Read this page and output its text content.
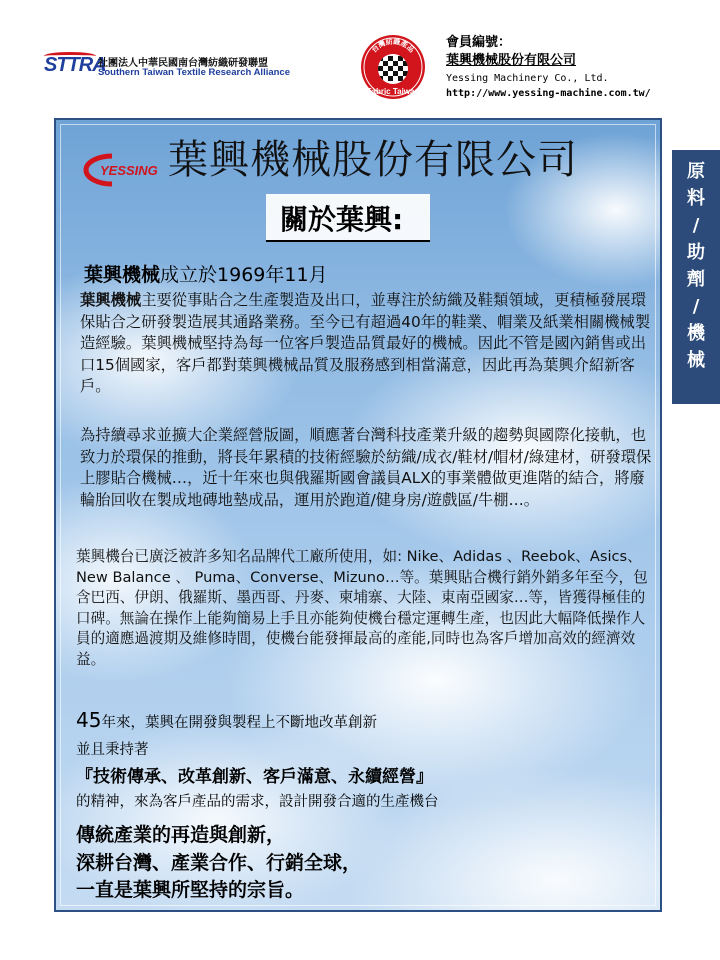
STTRA
社團法人中華民國南台灣紡織研發聯盟
Southern Taiwan Textile Research Alliance
台灣紡織產品
Fabric Taiwan
會員編號：
葉興機械股份有限公司
Yessing Machinery Co., Ltd.
http://www.yessing-machine.com.tw/
原
料
/
助
劑
/
機
械
YESSING 葉興機械股份有限公司
關於葉興:
葉興機械成立於1969年11月
葉興機械主要從事貼合之生產製造及出口，並專注於紡織及鞋類領域，更積極發展環保貼合之研發製造展其通路業務。至今已有超過40年的鞋業、帽業及紙業相關機械製造經驗。葉興機械堅持為每一位客戶製造品質最好的機械。因此不管是國內銷售或出口15個國家，客戶都對葉興機械品質及服務感到相當滿意，因此再為葉興介紹新客戶。
為持續尋求並擴大企業經營版圖，順應著台灣科技產業升級的趨勢與國際化接軌，也致力於環保的推動，將長年累積的技術經驗於紡織/成衣/鞋材/帽材/綠建材，研發環保上膠貼合機械…，近十年來也與俄羅斯國會議員ALX的事業體做更進階的結合，將廢輪胎回收在製成地磚地墊成品，運用於跑道/健身房/遊戲區/牛棚…。
葉興機台已廣泛被許多知名品牌代工廠所使用，如: Nike、Adidas 、Reebok、Asics、New Balance 、 Puma、Converse、Mizuno…等。葉興貼合機行銷外銷多年至今，包含巴西、伊朗、俄羅斯、墨西哥、丹麥、柬埔寨、大陸、東南亞國家…等，皆獲得極佳的口碑。無論在操作上能夠簡易上手且亦能夠使機台穩定運轉生產，也因此大幅降低操作人員的適應過渡期及維修時間，使機台能發揮最高的產能,同時也為客戶增加高效的經濟效益。
45年來，葉興在開發與製程上不斷地改革創新
並且秉持著
『技術傳承、改革創新、客戶滿意、永續經營』
的精神，來為客戶產品的需求，設計開發合適的生產機台
傳統產業的再造與創新，
深耕台灣、產業合作、行銷全球，
一直是葉興所堅持的宗旨。
